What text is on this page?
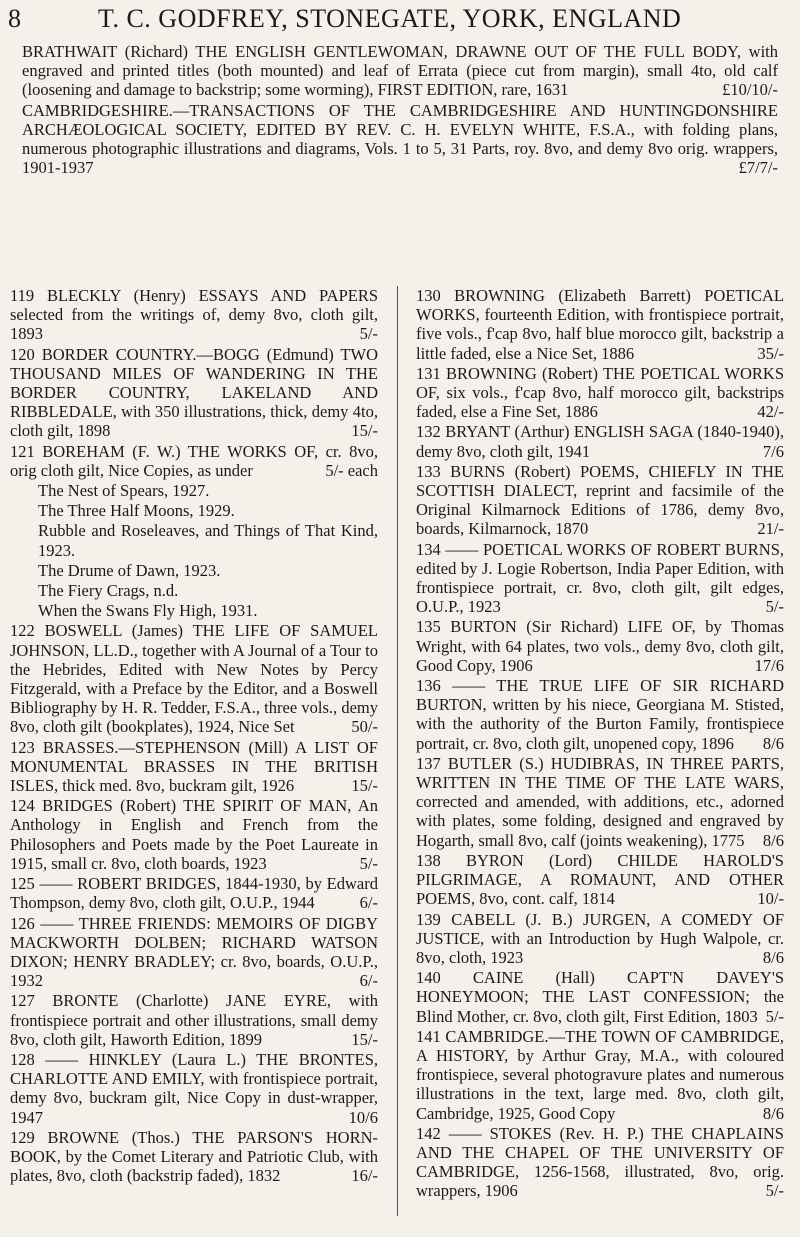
8	T. C. GODFREY, STONEGATE, YORK, ENGLAND
BRATHWAIT (Richard) THE ENGLISH GENTLEWOMAN, DRAWNE OUT OF THE FULL BODY, with engraved and printed titles (both mounted) and leaf of Errata (piece cut from margin), small 4to, old calf (loosening and damage to backstrip; some worming), FIRST EDITION, rare, 1631	£10/10/-
CAMBRIDGESHIRE.—TRANSACTIONS OF THE CAMBRIDGESHIRE AND HUNTINGDONSHIRE ARCHÆOLOGICAL SOCIETY, EDITED BY REV. C. H. EVELYN WHITE, F.S.A., with folding plans, numerous photographic illustrations and diagrams, Vols. 1 to 5, 31 Parts, roy. 8vo, and demy 8vo orig. wrappers, 1901-1937	£7/7/-
119 BLECKLY (Henry) ESSAYS AND PAPERS selected from the writings of, demy 8vo, cloth gilt, 1893	5/-
120 BORDER COUNTRY.—BOGG (Edmund) TWO THOUSAND MILES OF WANDERING IN THE BORDER COUNTRY, LAKELAND AND RIBBLEDALE, with 350 illustrations, thick, demy 4to, cloth gilt, 1898	15/-
121 BOREHAM (F. W.) THE WORKS OF, cr. 8vo, orig cloth gilt, Nice Copies, as under	5/- each
The Nest of Spears, 1927.
The Three Half Moons, 1929.
Rubble and Roseleaves, and Things of That Kind, 1923.
The Drume of Dawn, 1923.
The Fiery Crags, n.d.
When the Swans Fly High, 1931.
122 BOSWELL (James) THE LIFE OF SAMUEL JOHNSON, LL.D., together with A Journal of a Tour to the Hebrides, Edited with New Notes by Percy Fitzgerald, with a Preface by the Editor, and a Boswell Bibliography by H. R. Tedder, F.S.A., three vols., demy 8vo, cloth gilt (bookplates), 1924, Nice Set	50/-
123 BRASSES.—STEPHENSON (Mill) A LIST OF MONUMENTAL BRASSES IN THE BRITISH ISLES, thick med. 8vo, buckram gilt, 1926	15/-
124 BRIDGES (Robert) THE SPIRIT OF MAN, An Anthology in English and French from the Philosophers and Poets made by the Poet Laureate in 1915, small cr. 8vo, cloth boards, 1923	5/-
125 —— ROBERT BRIDGES, 1844-1930, by Edward Thompson, demy 8vo, cloth gilt, O.U.P., 1944	6/-
126 —— THREE FRIENDS: MEMOIRS OF DIGBY MACKWORTH DOLBEN; RICHARD WATSON DIXON; HENRY BRADLEY; cr. 8vo, boards, O.U.P., 1932	6/-
127 BRONTE (Charlotte) JANE EYRE, with frontispiece portrait and other illustrations, small demy 8vo, cloth gilt, Haworth Edition, 1899	15/-
128 —— HINKLEY (Laura L.) THE BRONTES, CHARLOTTE AND EMILY, with frontispiece portrait, demy 8vo, buckram gilt, Nice Copy in dust-wrapper, 1947	10/6
129 BROWNE (Thos.) THE PARSON'S HORN-BOOK, by the Comet Literary and Patriotic Club, with plates, 8vo, cloth (backstrip faded), 1832	16/-
130 BROWNING (Elizabeth Barrett) POETICAL WORKS, fourteenth Edition, with frontispiece portrait, five vols., f'cap 8vo, half blue morocco gilt, backstrip a little faded, else a Nice Set, 1886	35/-
131 BROWNING (Robert) THE POETICAL WORKS OF, six vols., f'cap 8vo, half morocco gilt, backstrips faded, else a Fine Set, 1886	42/-
132 BRYANT (Arthur) ENGLISH SAGA (1840-1940), demy 8vo, cloth gilt, 1941	7/6
133 BURNS (Robert) POEMS, CHIEFLY IN THE SCOTTISH DIALECT, reprint and facsimile of the Original Kilmarnock Editions of 1786, demy 8vo, boards, Kilmarnock, 1870	21/-
134 —— POETICAL WORKS OF ROBERT BURNS, edited by J. Logie Robertson, India Paper Edition, with frontispiece portrait, cr. 8vo, cloth gilt, gilt edges, O.U.P., 1923	5/-
135 BURTON (Sir Richard) LIFE OF, by Thomas Wright, with 64 plates, two vols., demy 8vo, cloth gilt, Good Copy, 1906	17/6
136 —— THE TRUE LIFE OF SIR RICHARD BURTON, written by his niece, Georgiana M. Stisted, with the authority of the Burton Family, frontispiece portrait, cr. 8vo, cloth gilt, unopened copy, 1896	8/6
137 BUTLER (S.) HUDIBRAS, IN THREE PARTS, WRITTEN IN THE TIME OF THE LATE WARS, corrected and amended, with additions, etc., adorned with plates, some folding, designed and engraved by Hogarth, small 8vo, calf (joints weakening), 1775	8/6
138 BYRON (Lord) CHILDE HAROLD'S PILGRIMAGE, A ROMAUNT, AND OTHER POEMS, 8vo, cont. calf, 1814	10/-
139 CABELL (J. B.) JURGEN, A COMEDY OF JUSTICE, with an Introduction by Hugh Walpole, cr. 8vo, cloth, 1923	8/6
140 CAINE (Hall) CAPT'N DAVEY'S HONEYMOON; THE LAST CONFESSION; the Blind Mother, cr. 8vo, cloth gilt, First Edition, 1803 5/-
141 CAMBRIDGE.—THE TOWN OF CAMBRIDGE, A HISTORY, by Arthur Gray, M.A., with coloured frontispiece, several photogravure plates and numerous illustrations in the text, large med. 8vo, cloth gilt, Cambridge, 1925, Good Copy	8/6
142 —— STOKES (Rev. H. P.) THE CHAPLAINS AND THE CHAPEL OF THE UNIVERSITY OF CAMBRIDGE, 1256-1568, illustrated, 8vo, orig. wrappers, 1906	5/-
